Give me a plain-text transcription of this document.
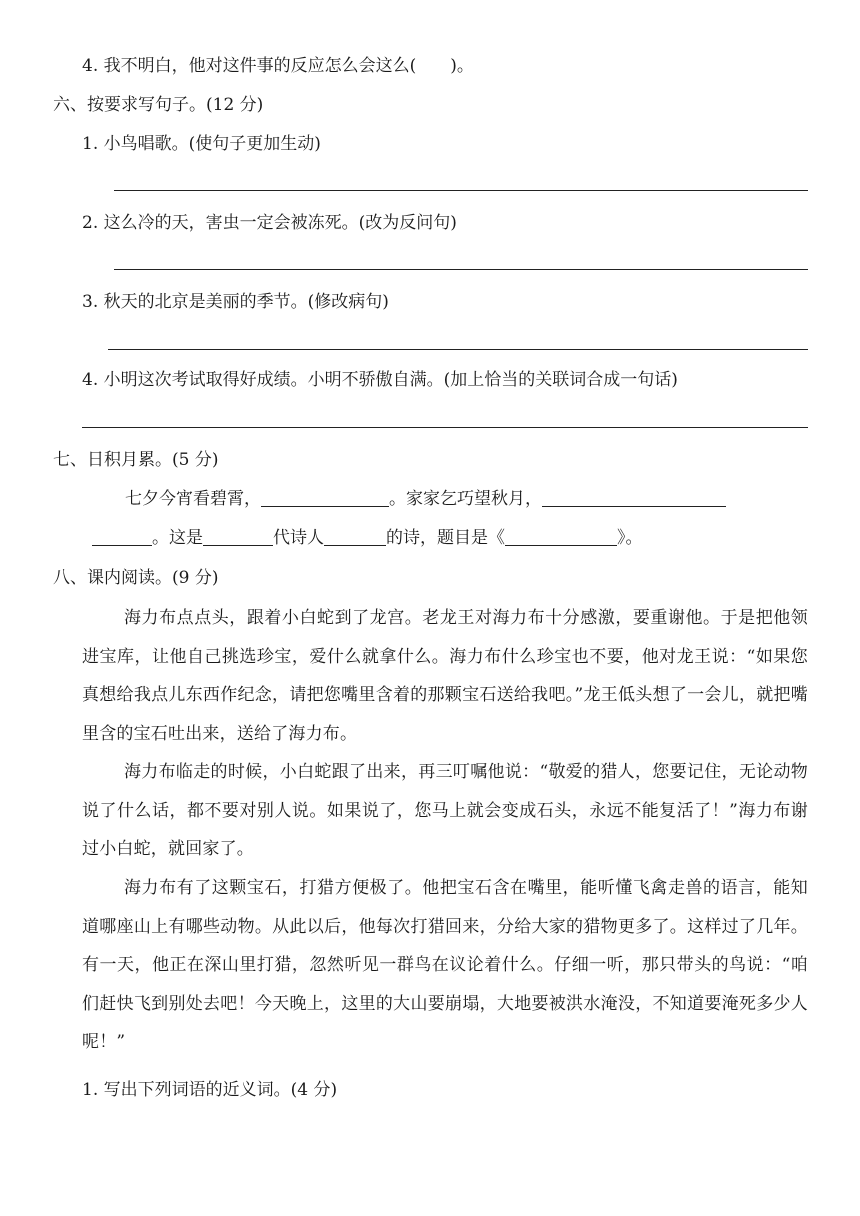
4. 我不明白，他对这件事的反应怎么会这么(　　)。
六、按要求写句子。(12 分)
1. 小鸟唱歌。(使句子更加生动)
2. 这么冷的天，害虫一定会被冻死。(改为反问句)
3. 秋天的北京是美丽的季节。(修改病句)
4. 小明这次考试取得好成绩。小明不骄傲自满。(加上恰当的关联词合成一句话)
七、日积月累。(5 分)
七夕今宵看碧霄，	。家家乞巧望秋月，
。这是	代诗人	的诗，题目是《	》。
八、课内阅读。(9 分)
海力布点点头，跟着小白蛇到了龙宫。老龙王对海力布十分感激，要重谢他。于是把他领进宝库，让他自己挑选珍宝，爱什么就拿什么。海力布什么珍宝也不要，他对龙王说：“如果您真想给我点儿东西作纪念，请把您嘴里含着的那颗宝石送给我吧。”龙王低头想了一会儿，就把嘴里含的宝石吐出来，送给了海力布。
海力布临走的时候，小白蛇跟了出来，再三叮嘱他说：“敬爱的猎人，您要记住，无论动物说了什么话，都不要对别人说。如果说了，您马上就会变成石头，永远不能复活了！”海力布谢过小白蛇，就回家了。
海力布有了这颗宝石，打猎方便极了。他把宝石含在嘴里，能听懂飞禽走兽的语言，能知道哪座山上有哪些动物。从此以后，他每次打猎回来，分给大家的猎物更多了。这样过了几年。有一天，他正在深山里打猎，忽然听见一群鸟在议论着什么。仔细一听，那只带头的鸟说：“咱们赶快飞到别处去吧！今天晚上，这里的大山要崩塌，大地要被洪水淹没，不知道要淹死多少人呢！”
1. 写出下列词语的近义词。(4 分)
